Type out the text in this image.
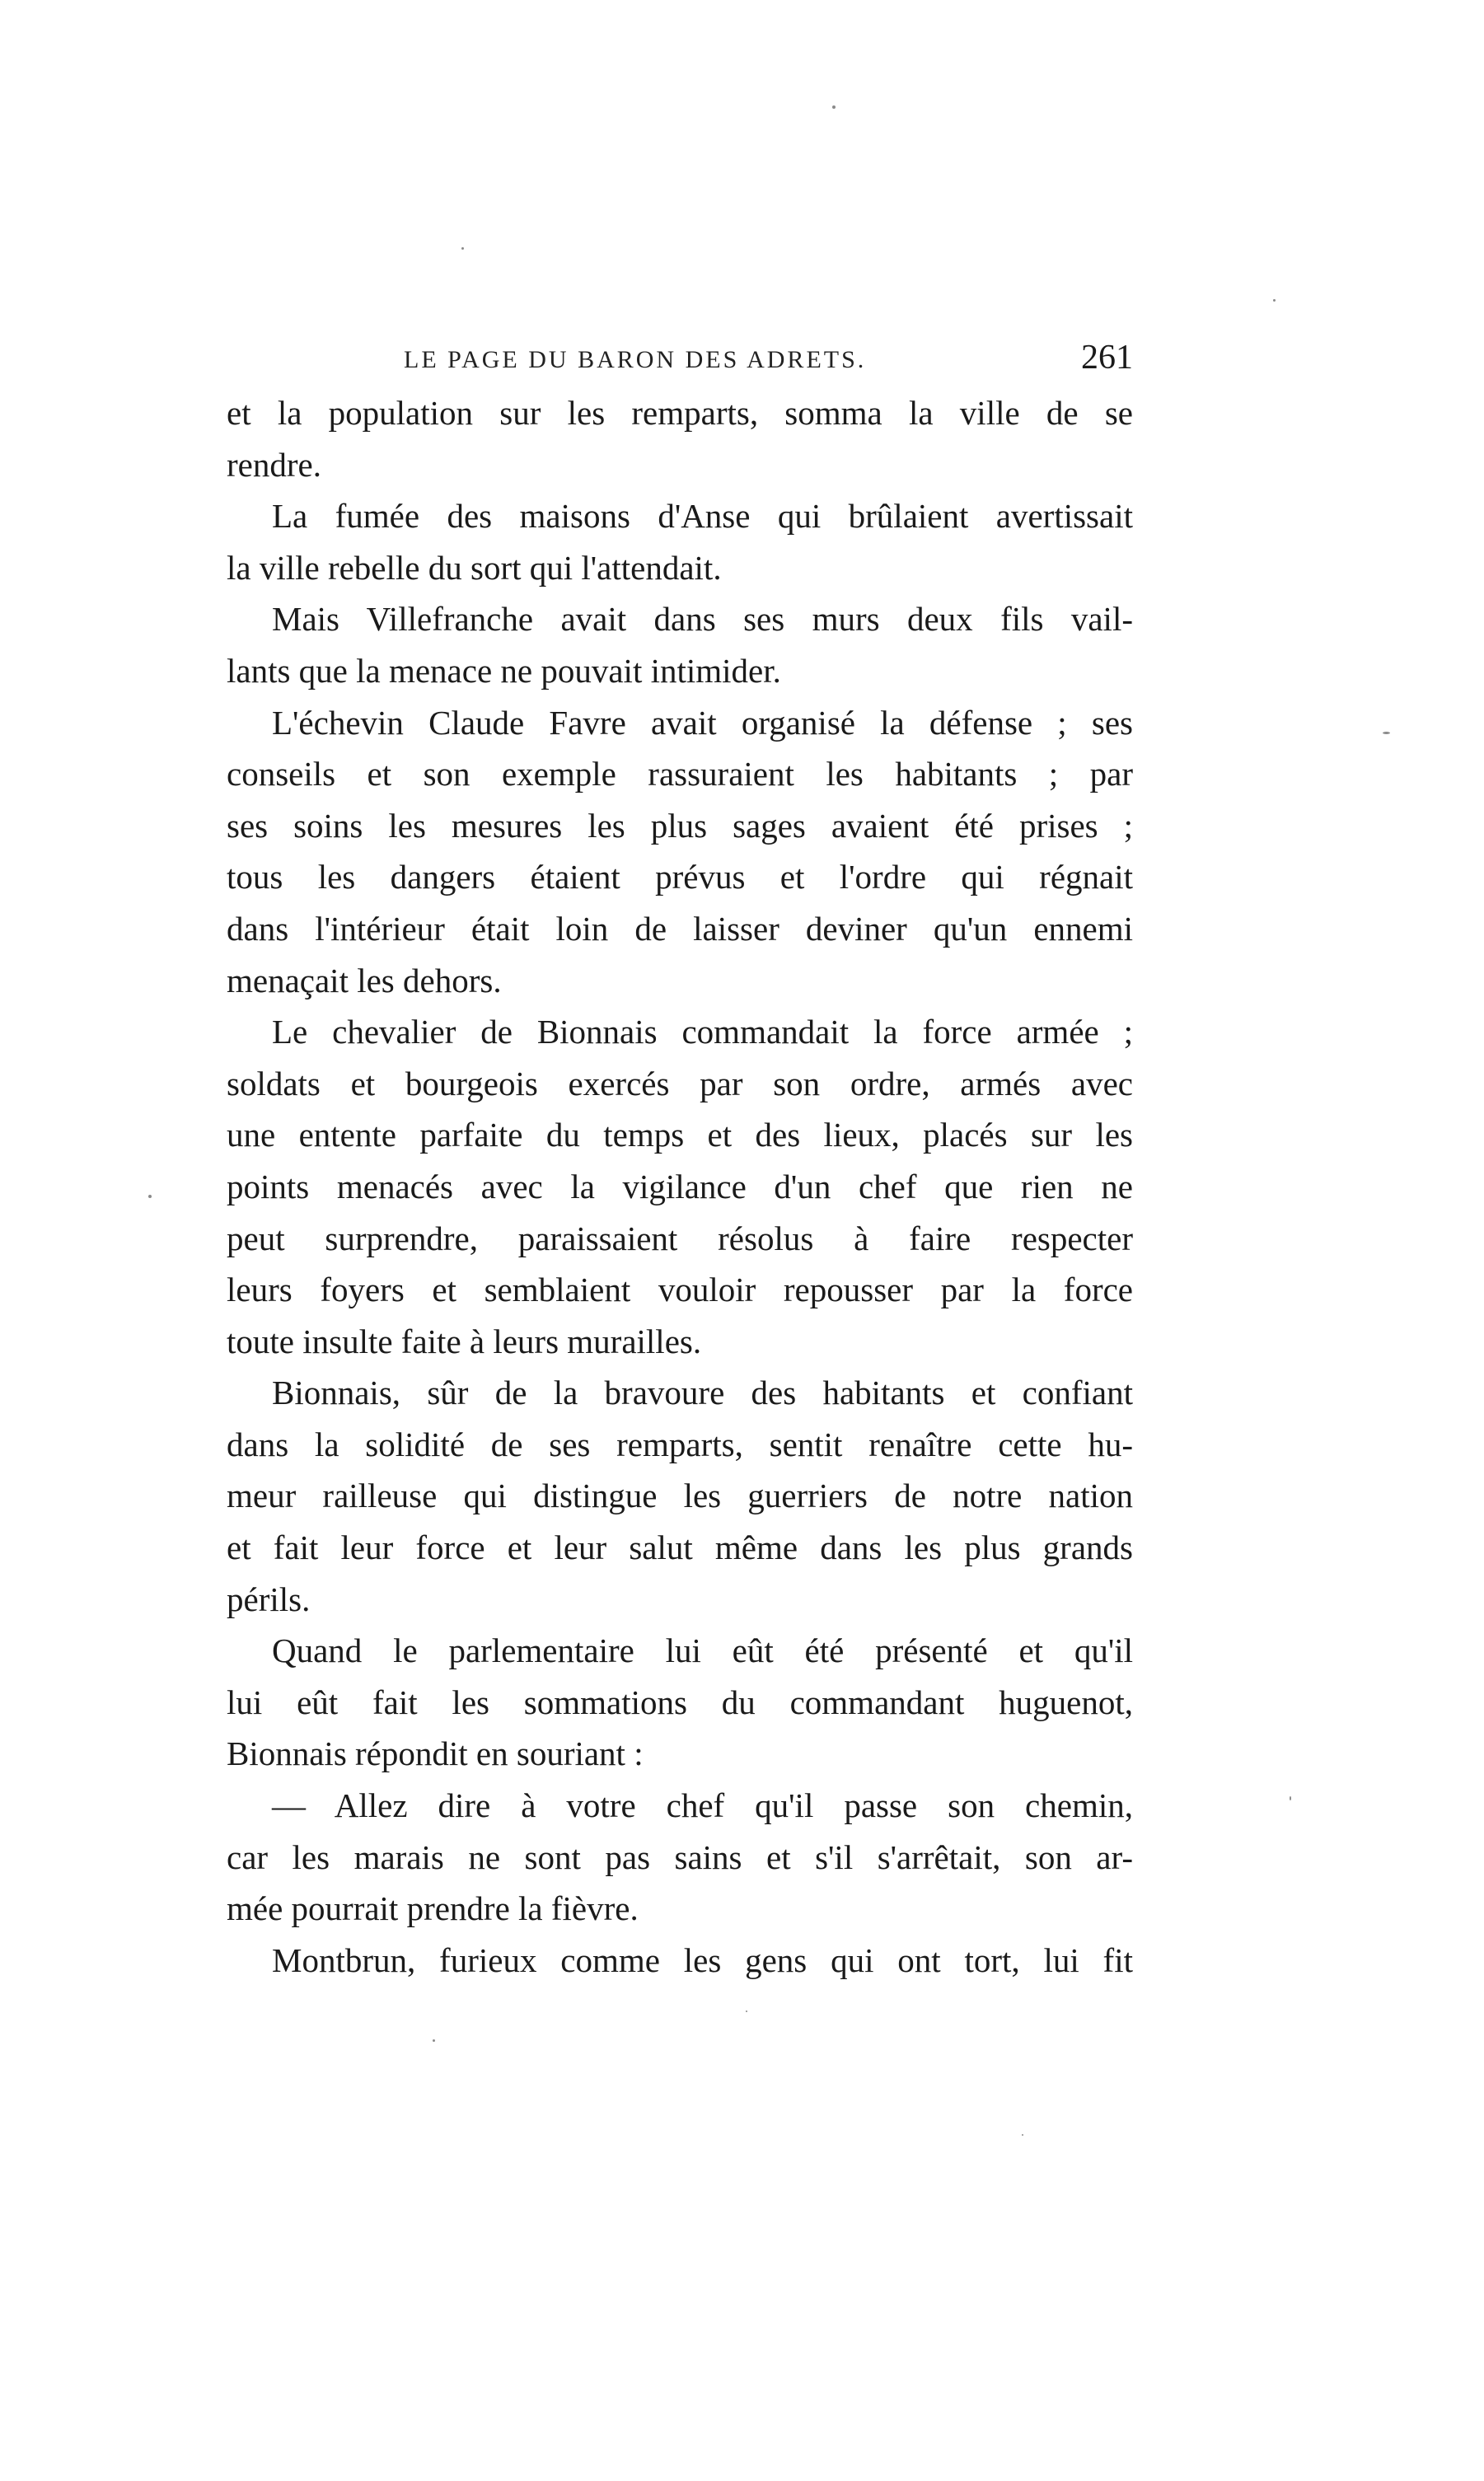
LE PAGE DU BARON DES ADRETS.	261
et la population sur les remparts, somma la ville de se
rendre.
La fumée des maisons d'Anse qui brûlaient avertissait
la ville rebelle du sort qui l'attendait.
Mais Villefranche avait dans ses murs deux fils vail-
lants que la menace ne pouvait intimider.
L'échevin Claude Favre avait organisé la défense ; ses
conseils et son exemple rassuraient les habitants ; par
ses soins les mesures les plus sages avaient été prises ;
tous les dangers étaient prévus et l'ordre qui régnait
dans l'intérieur était loin de laisser deviner qu'un ennemi
menaçait les dehors.
Le chevalier de Bionnais commandait la force armée ;
soldats et bourgeois exercés par son ordre, armés avec
une entente parfaite du temps et des lieux, placés sur les
points menacés avec la vigilance d'un chef que rien ne
peut surprendre, paraissaient résolus à faire respecter
leurs foyers et semblaient vouloir repousser par la force
toute insulte faite à leurs murailles.
Bionnais, sûr de la bravoure des habitants et confiant
dans la solidité de ses remparts, sentit renaître cette hu-
meur railleuse qui distingue les guerriers de notre nation
et fait leur force et leur salut même dans les plus grands
périls.
Quand le parlementaire lui eût été présenté et qu'il
lui eût fait les sommations du commandant huguenot,
Bionnais répondit en souriant :
— Allez dire à votre chef qu'il passe son chemin,
car les marais ne sont pas sains et s'il s'arrêtait, son ar-
mée pourrait prendre la fièvre.
Montbrun, furieux comme les gens qui ont tort, lui fit
